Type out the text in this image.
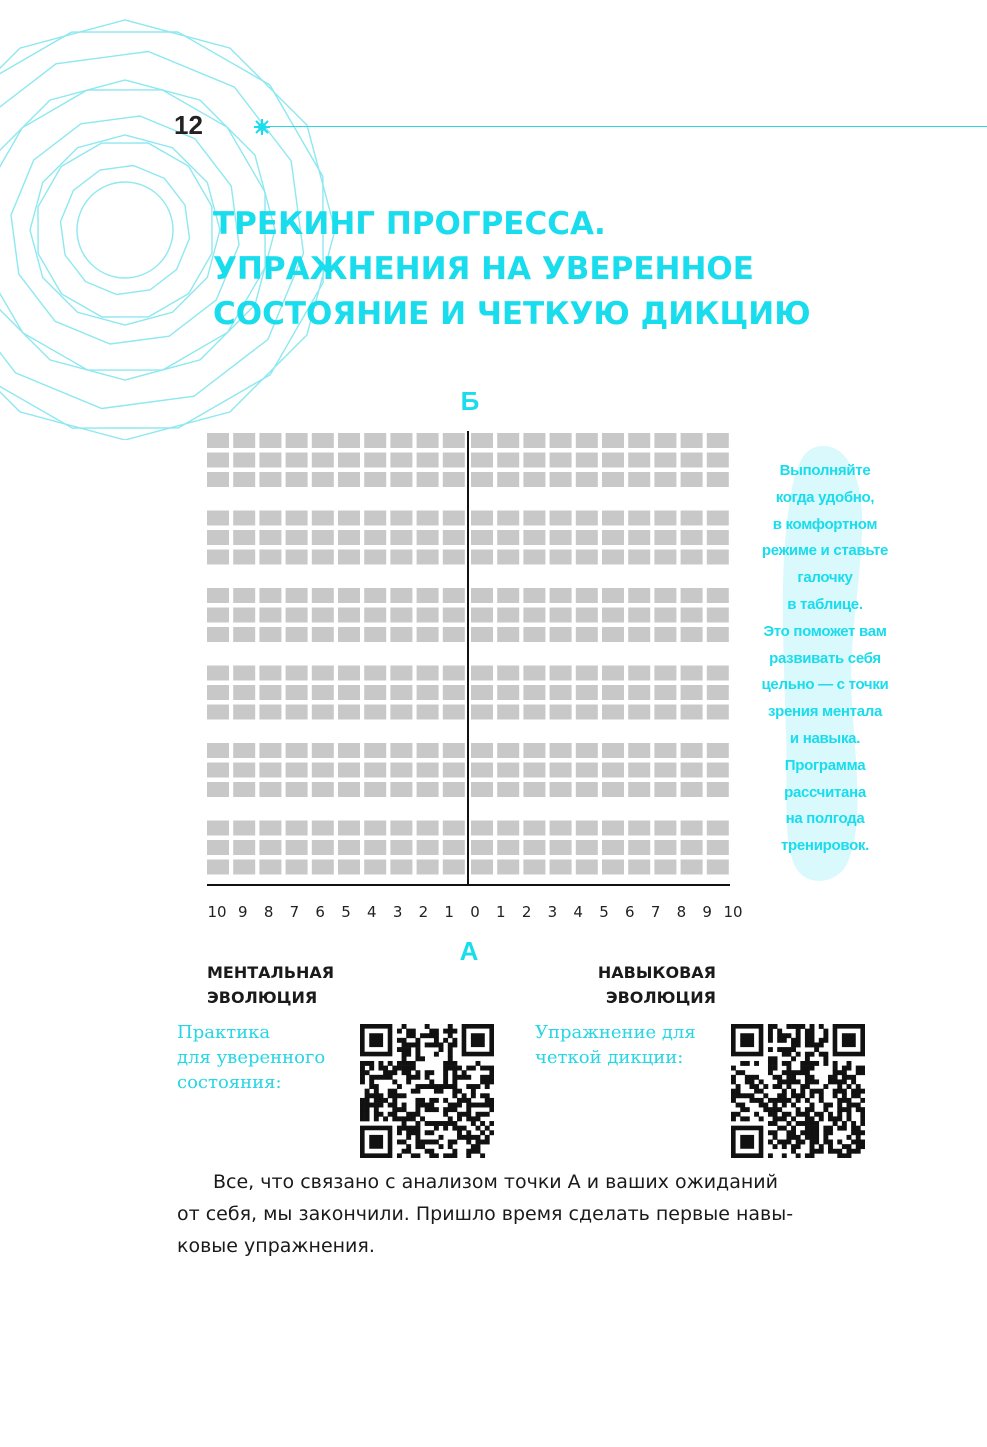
12
ТРЕКИНГ ПРОГРЕССА.
УПРАЖНЕНИЯ НА УВЕРЕННОЕ
СОСТОЯНИЕ И ЧЕТКУЮ ДИКЦИЮ
Б
10 9	8	7	6	5	4	3	2	1	0	1	2	3	4	5	6	7	8	9 10
А
Выполняйте
когда удобно,
в комфортном
режиме и ставьте
галочку
в таблице.
Это поможет вам
развивать себя
цельно — с точки
зрения ментала
и навыка.
Программа
рассчитана
на полгода
тренировок.
МЕНТАЛЬНАЯ
ЭВОЛЮЦИЯ
НАВЫКОВАЯ
ЭВОЛЮЦИЯ
Практика
для уверенного
состояния:
Упражнение для
четкой дикции:
Все, что связано с анализом точки А и ваших ожиданий
от себя, мы закончили. Пришло время сделать первые навы-
ковые упражнения.
